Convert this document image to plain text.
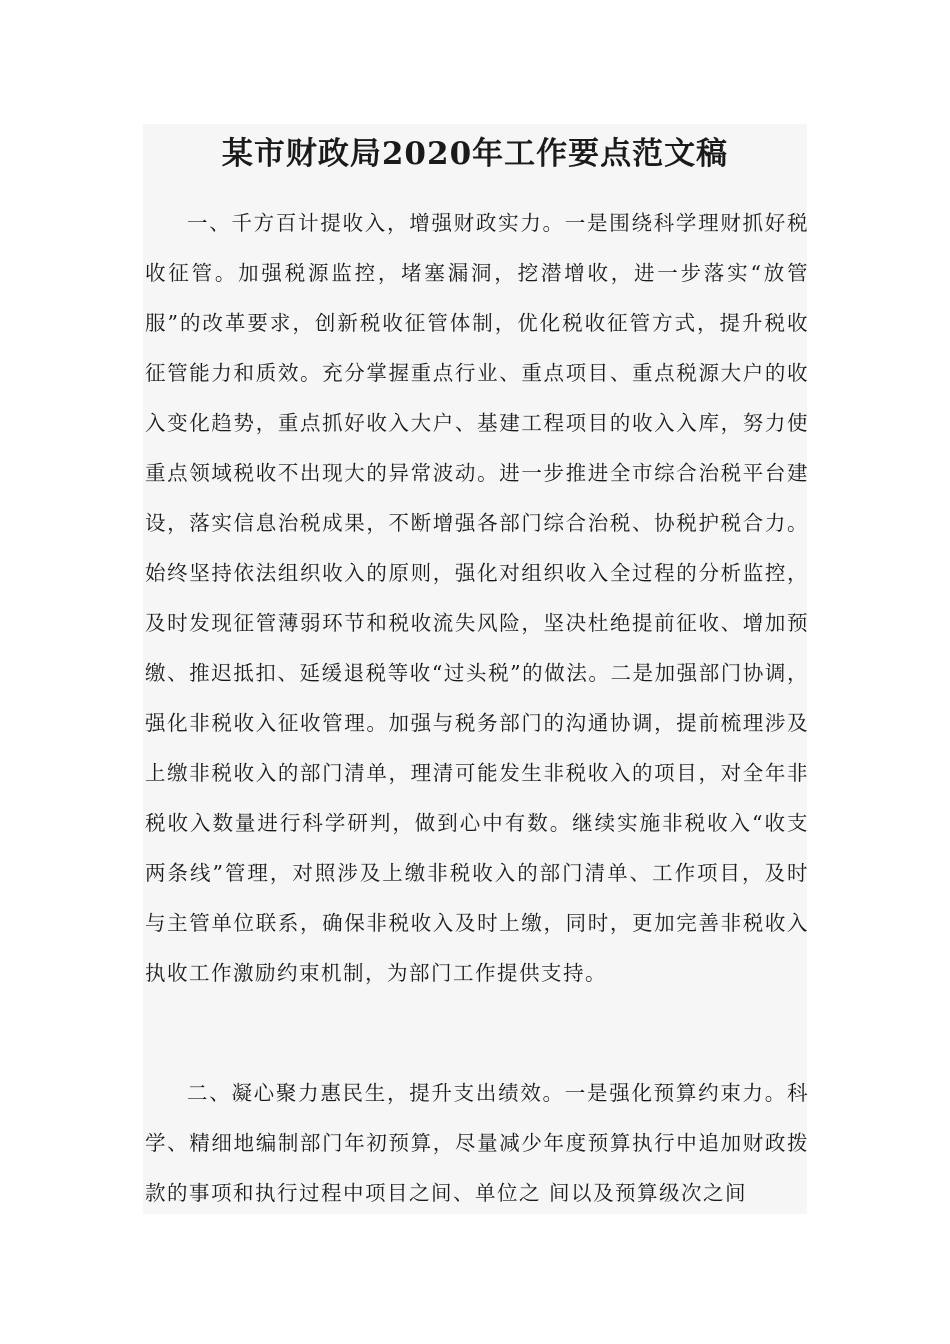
某市财政局2020年工作要点范文稿

一、千方百计提收入，增强财政实力。一是围绕科学理财抓好税收征管。加强税源监控，堵塞漏洞，挖潜增收，进一步落实“放管服”的改革要求，创新税收征管体制，优化税收征管方式，提升税收征管能力和质效。充分掌握重点行业、重点项目、重点税源大户的收入变化趋势，重点抓好收入大户、基建工程项目的收入入库，努力使重点领域税收不出现大的异常波动。进一步推进全市综合治税平台建设，落实信息治税成果，不断增强各部门综合治税、协税护税合力。始终坚持依法组织收入的原则，强化对组织收入全过程的分析监控，及时发现征管薄弱环节和税收流失风险，坚决杜绝提前征收、增加预缴、推迟抵扣、延缓退税等收“过头税”的做法。二是加强部门协调，强化非税收入征收管理。加强与税务部门的沟通协调，提前梳理涉及上缴非税收入的部门清单，理清可能发生非税收入的项目，对全年非税收入数量进行科学研判，做到心中有数。继续实施非税收入“收支两条线”管理，对照涉及上缴非税收入的部门清单、工作项目，及时与主管单位联系，确保非税收入及时上缴，同时，更加完善非税收入执收工作激励约束机制，为部门工作提供支持。

二、凝心聚力惠民生，提升支出绩效。一是强化预算约束力。科学、精细地编制部门年初预算，尽量减少年度预算执行中追加财政拨款的事项和执行过程中项目之间、单位之 间以及预算级次之间
